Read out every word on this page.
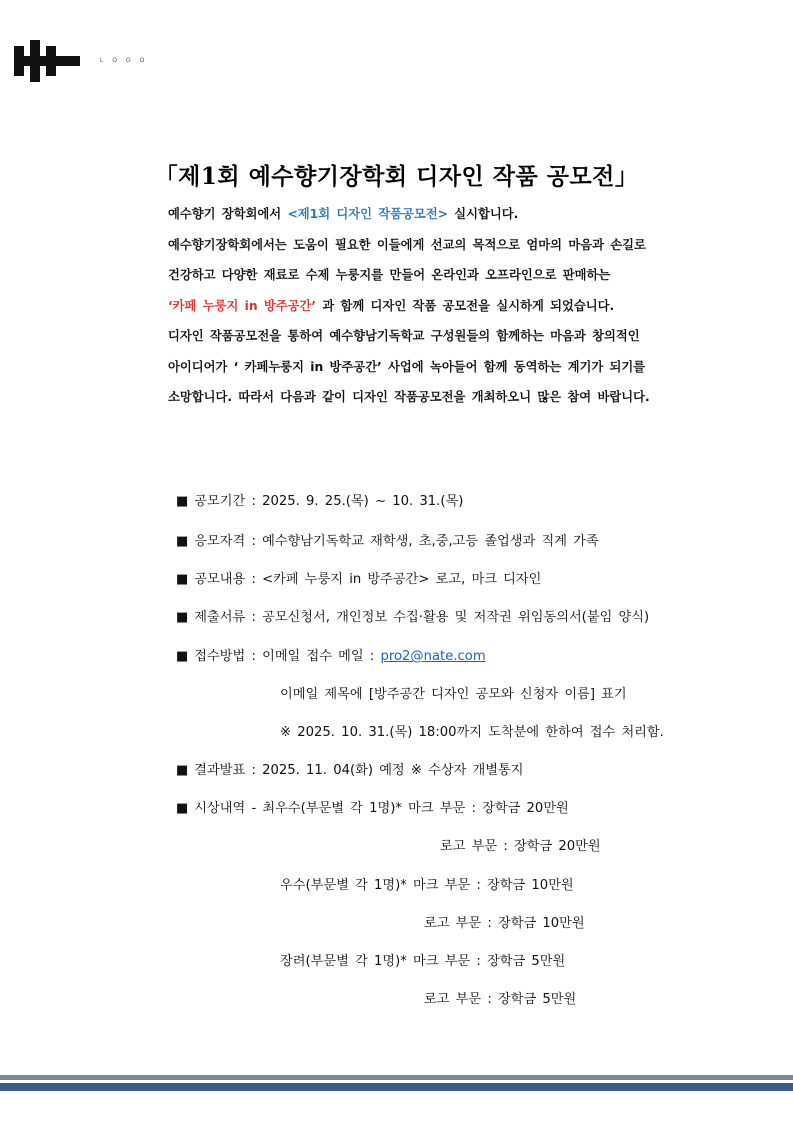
LOGO
「제1회 예수향기장학회 디자인 작품 공모전」

예수향기 장학회에서 <제1회 디자인 작품공모전> 실시합니다.

예수향기장학회에서는 도움이 필요한 이들에게 선교의 목적으로 엄마의 마음과 손길로

건강하고 다양한 재료로 수제 누룽지를 만들어 온라인과 오프라인으로 판매하는

‘카페 누룽지 in 방주공간’ 과 함께 디자인 작품 공모전을 실시하게 되었습니다.

디자인 작품공모전을 통하여 예수향남기독학교 구성원들의 함께하는 마음과 창의적인

아이디어가 ‘ 카페누룽지 in 방주공간’ 사업에 녹아들어 함께 동역하는 계기가 되기를

소망합니다. 따라서 다음과 같이 디자인 작품공모전을 개최하오니 많은 참여 바랍니다.

■ 공모기간 : 2025. 9. 25.(목) ~ 10. 31.(목)
■ 응모자격 : 예수향남기독학교 재학생, 초,중,고등 졸업생과 직계 가족
■ 공모내용 : <카페 누룽지 in 방주공간> 로고, 마크 디자인
■ 제출서류 : 공모신청서, 개인정보 수집·활용 및 저작권 위임동의서(붙임 양식)
■ 접수방법 : 이메일 접수 메일 : pro2@nate.com
이메일 제목에 [방주공간 디자인 공모와 신청자 이름] 표기
※ 2025. 10. 31.(목) 18:00까지 도착분에 한하여 접수 처리함.
■ 결과발표 : 2025. 11. 04(화) 예정 ※ 수상자 개별통지
■ 시상내역 - 최우수(부문별 각 1명)* 마크 부문 : 장학금 20만원
로고 부문 : 장학금 20만원
우수(부문별 각 1명)* 마크 부문 : 장학금 10만원
로고 부문 : 장학금 10만원
장려(부문별 각 1명)* 마크 부문 : 장학금 5만원
로고 부문 : 장학금 5만원
